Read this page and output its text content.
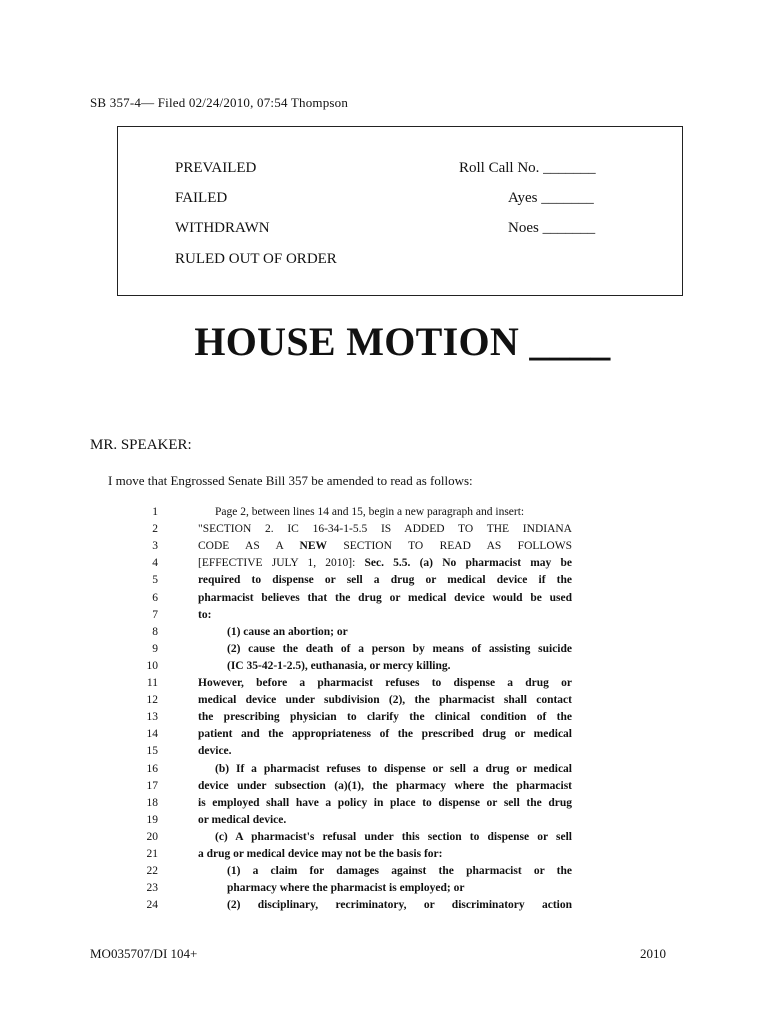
SB 357-4— Filed 02/24/2010, 07:54 Thompson
PREVAILED
FAILED
WITHDRAWN
RULED OUT OF ORDER
Roll Call No. _______
Ayes _______
Noes _______
HOUSE MOTION ____
MR. SPEAKER:
I move that Engrossed Senate Bill 357 be amended to read as follows:
1	Page 2, between lines 14 and 15, begin a new paragraph and insert:
2	"SECTION 2. IC 16-34-1-5.5 IS ADDED TO THE INDIANA
3	CODE AS A NEW SECTION TO READ AS FOLLOWS
4	[EFFECTIVE JULY 1, 2010]: Sec. 5.5. (a) No pharmacist may be
5	required to dispense or sell a drug or medical device if the
6	pharmacist believes that the drug or medical device would be used
7	to:
8	(1) cause an abortion; or
9	(2) cause the death of a person by means of assisting suicide
10	(IC 35-42-1-2.5), euthanasia, or mercy killing.
11	However, before a pharmacist refuses to dispense a drug or
12	medical device under subdivision (2), the pharmacist shall contact
13	the prescribing physician to clarify the clinical condition of the
14	patient and the appropriateness of the prescribed drug or medical
15	device.
16	(b) If a pharmacist refuses to dispense or sell a drug or medical
17	device under subsection (a)(1), the pharmacy where the pharmacist
18	is employed shall have a policy in place to dispense or sell the drug
19	or medical device.
20	(c) A pharmacist's refusal under this section to dispense or sell
21	a drug or medical device may not be the basis for:
22	(1) a claim for damages against the pharmacist or the
23	pharmacy where the pharmacist is employed; or
24	(2) disciplinary, recriminatory, or discriminatory action
MO035707/DI 104+	2010
